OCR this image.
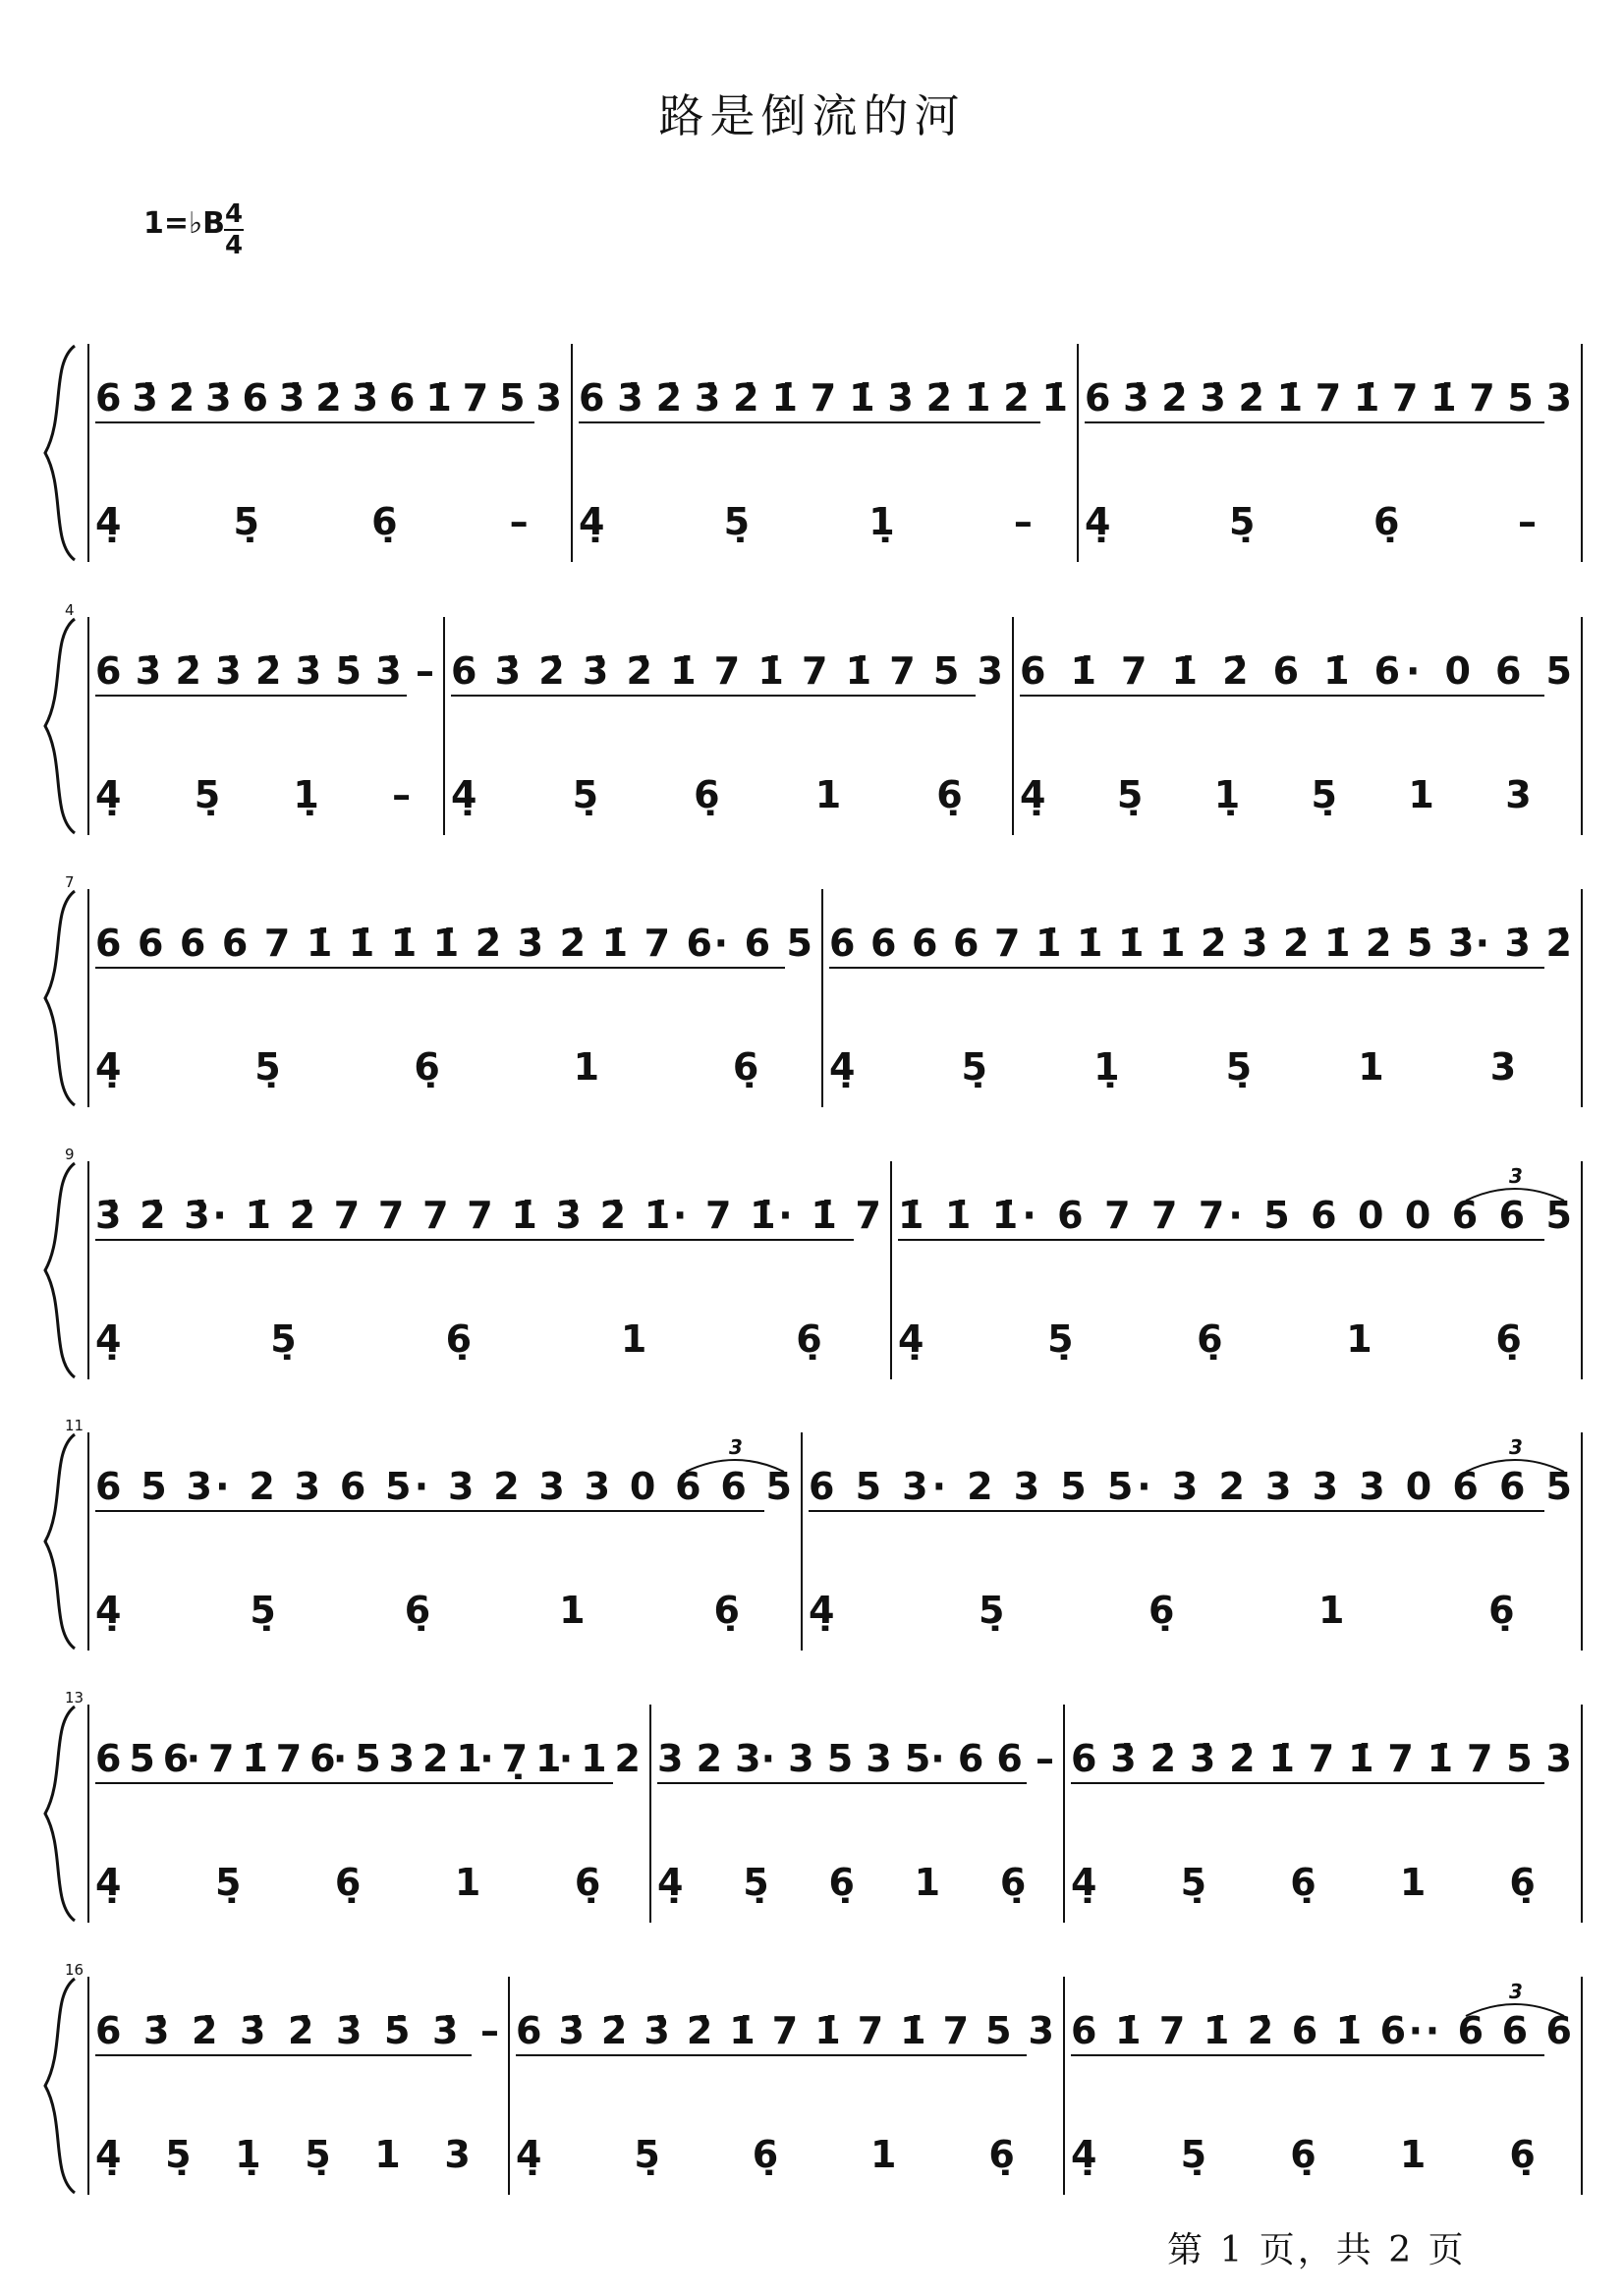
路是倒流的河
1=♭B 4
4
6 3̇ 2̇ 3̇ 6 3̇ 2̇ 3̇ 6 1̇ 7 5 3
4̣ 5̣ 6̣ –
6 3̇ 2̇ 3̇ 2̇ 1̇ 7 1̇ 3̇ 2̇ 1̇ 2̇ 1̇
4̣ 5̣ 1̣ –
6 3̇ 2̇ 3̇ 2̇ 1̇ 7 1̇ 7 1̇ 7 5 3
4̣ 5̣ 6̣ –
4
6 3̇ 2̇ 3̇ 2̇ 3̇ 5̇ 3̇ –
4̣ 5̣ 1̣ –
6 3̇ 2̇ 3̇ 2̇ 1̇ 7 1̇ 7 1̇ 7 5 3
4̣ 5̣ 6̣ 1 6̣
6 1̇ 7 1̇ 2̇ 6 1̇ 6· 0 6 5
4̣ 5̣ 1̣ 5̣ 1 3
7
6 6 6 6 7 1̇ 1̇ 1̇ 1̇ 2̇ 3̇ 2̇ 1̇ 7 6· 6 5
4̣ 5̣ 6̣ 1 6̣
6 6 6 6 7 1̇ 1̇ 1̇ 1̇ 2̇ 3̇ 2̇ 1̇ 2̇ 5̇ 3̇· 3̇ 2̇
4̣ 5̣ 1̣ 5̣ 1 3
9
3̇ 2̇ 3̇· 1̇ 2̇ 7 7 7 7 1̇ 3̇ 2̇ 1̇· 7 1̇· 1̇ 7
4̣ 5̣ 6̣ 1 6̣
1̇ 1̇ 1̇· 6 7 7 7· 5 6 0 0 6 6 5
3
4̣ 5̣ 6̣ 1 6̣
11
6 5 3· 2 3 6 5· 3 2 3 3 0 6 6 5
3
4̣ 5̣ 6̣ 1 6̣
6 5 3· 2 3 5 5· 3 2 3 3 3 0 6 6 5
3
4̣ 5̣ 6̣ 1 6̣
13
6 5 6· 7 1̇ 7 6· 5 3 2 1· 7̣ 1· 1 2
4̣ 5̣ 6̣ 1 6̣
3 2 3· 3 5 3 5· 6 6 –
4̣ 5̣ 6̣ 1 6̣
6 3̇ 2̇ 3̇ 2̇ 1̇ 7 1̇ 7 1̇ 7 5 3
4̣ 5̣ 6̣ 1 6̣
16
6 3̇ 2̇ 3̇ 2̇ 3̇ 5̇ 3̇ –
4̣ 5̣ 1̣ 5̣ 1 3
6 3̇ 2̇ 3̇ 2̇ 1̇ 7 1̇ 7 1̇ 7 5 3
4̣ 5̣ 6̣ 1 6̣
6 1̇ 7 1̇ 2̇ 6 1̇ 6·· 6 6 6
3
4̣ 5̣ 6̣ 1 6̣
第 1 页，共 2 页
